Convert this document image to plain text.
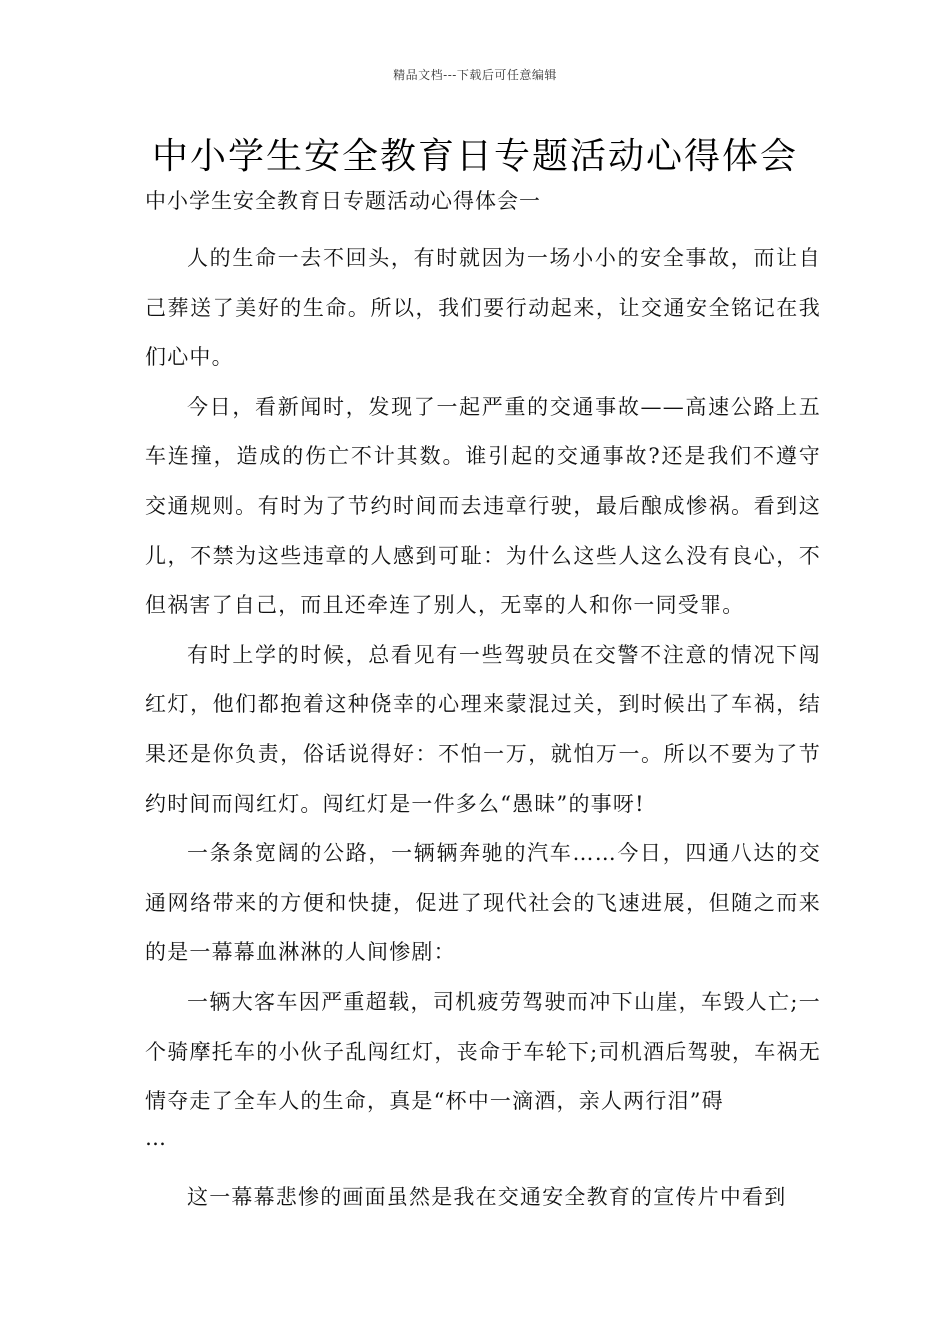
精品文档---下载后可任意编辑
中小学生安全教育日专题活动心得体会

中小学生安全教育日专题活动心得体会一

人的生命一去不回头，有时就因为一场小小的安全事故，而让自己葬送了美好的生命。所以，我们要行动起来，让交通安全铭记在我们心中。

今日，看新闻时，发现了一起严重的交通事故——高速公路上五车连撞，造成的伤亡不计其数。谁引起的交通事故?还是我们不遵守交通规则。有时为了节约时间而去违章行驶，最后酿成惨祸。看到这儿，不禁为这些违章的人感到可耻：为什么这些人这么没有良心，不但祸害了自己，而且还牵连了别人，无辜的人和你一同受罪。

有时上学的时候，总看见有一些驾驶员在交警不注意的情况下闯红灯，他们都抱着这种侥幸的心理来蒙混过关，到时候出了车祸，结果还是你负责，俗话说得好：不怕一万，就怕万一。所以不要为了节约时间而闯红灯。闯红灯是一件多么“愚昧”的事呀!

一条条宽阔的公路，一辆辆奔驰的汽车……今日，四通八达的交通网络带来的方便和快捷，促进了现代社会的飞速进展，但随之而来的是一幕幕血淋淋的人间惨剧：

一辆大客车因严重超载，司机疲劳驾驶而冲下山崖，车毁人亡;一个骑摩托车的小伙子乱闯红灯，丧命于车轮下;司机酒后驾驶，车祸无情夺走了全车人的生命，真是“杯中一滴酒，亲人两行泪”碍

…

这一幕幕悲惨的画面虽然是我在交通安全教育的宣传片中看到
